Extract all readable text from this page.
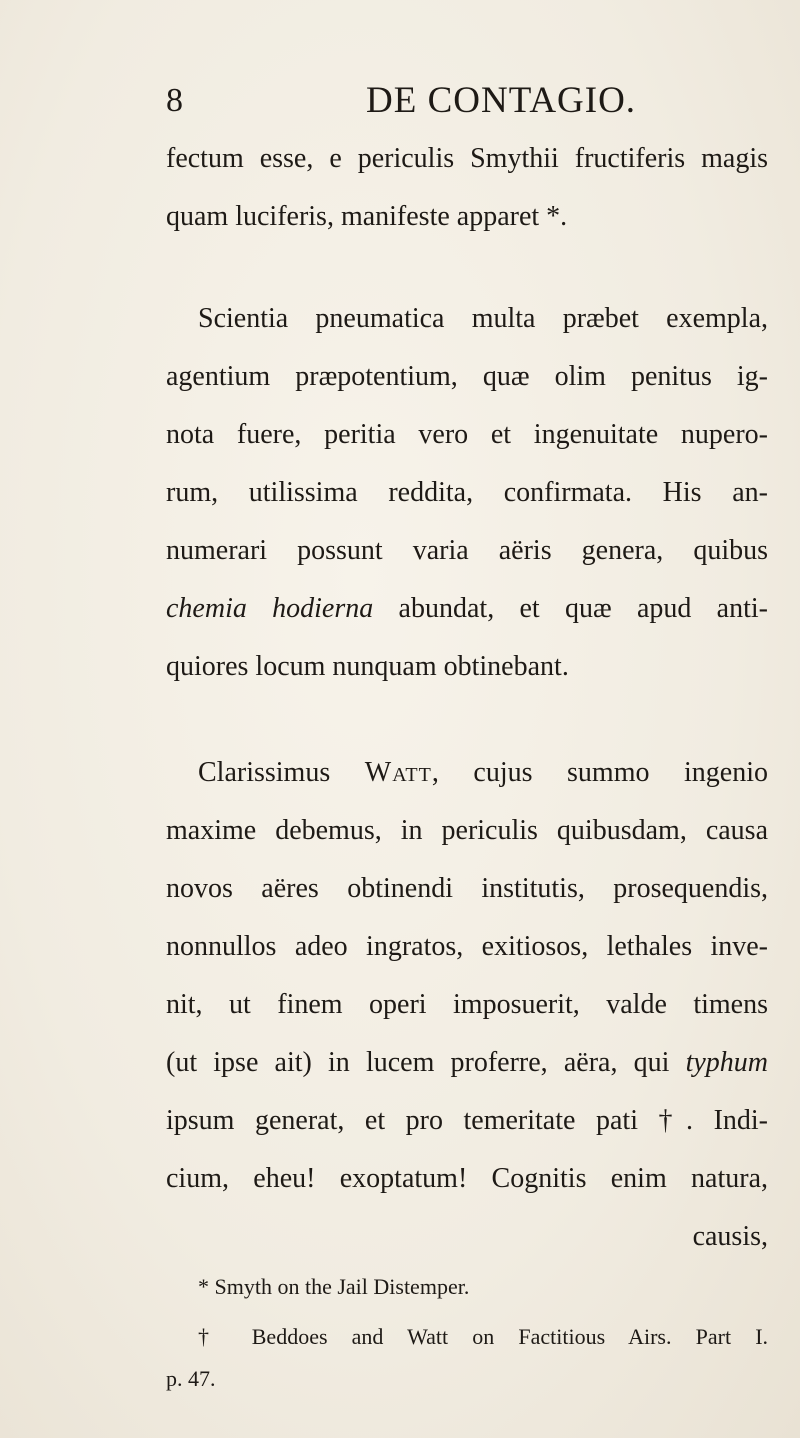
8	DE CONTAGIO.
fectum esse, e periculis Smythii fructiferis magis
quam luciferis, manifeste apparet *.
Scientia pneumatica multa præbet exempla,
agentium præpotentium, quæ olim penitus ig-
nota fuere, peritia vero et ingenuitate nupero-
rum, utilissima reddita, confirmata. His an-
numerari possunt varia aëris genera, quibus
chemia hodierna abundat, et quæ apud anti-
quiores locum nunquam obtinebant.
Clarissimus Watt, cujus summo ingenio
maxime debemus, in periculis quibusdam, causa
novos aëres obtinendi institutis, prosequendis,
nonnullos adeo ingratos, exitiosos, lethales inve-
nit, ut finem operi imposuerit, valde timens
(ut ipse ait) in lucem proferre, aëra, qui typhum
ipsum generat, et pro temeritate pati †. Indi-
cium, eheu! exoptatum! Cognitis enim natura,
causis,
* Smyth on the Jail Distemper.
† Beddoes and Watt on Factitious Airs. Part I.
p. 47.
